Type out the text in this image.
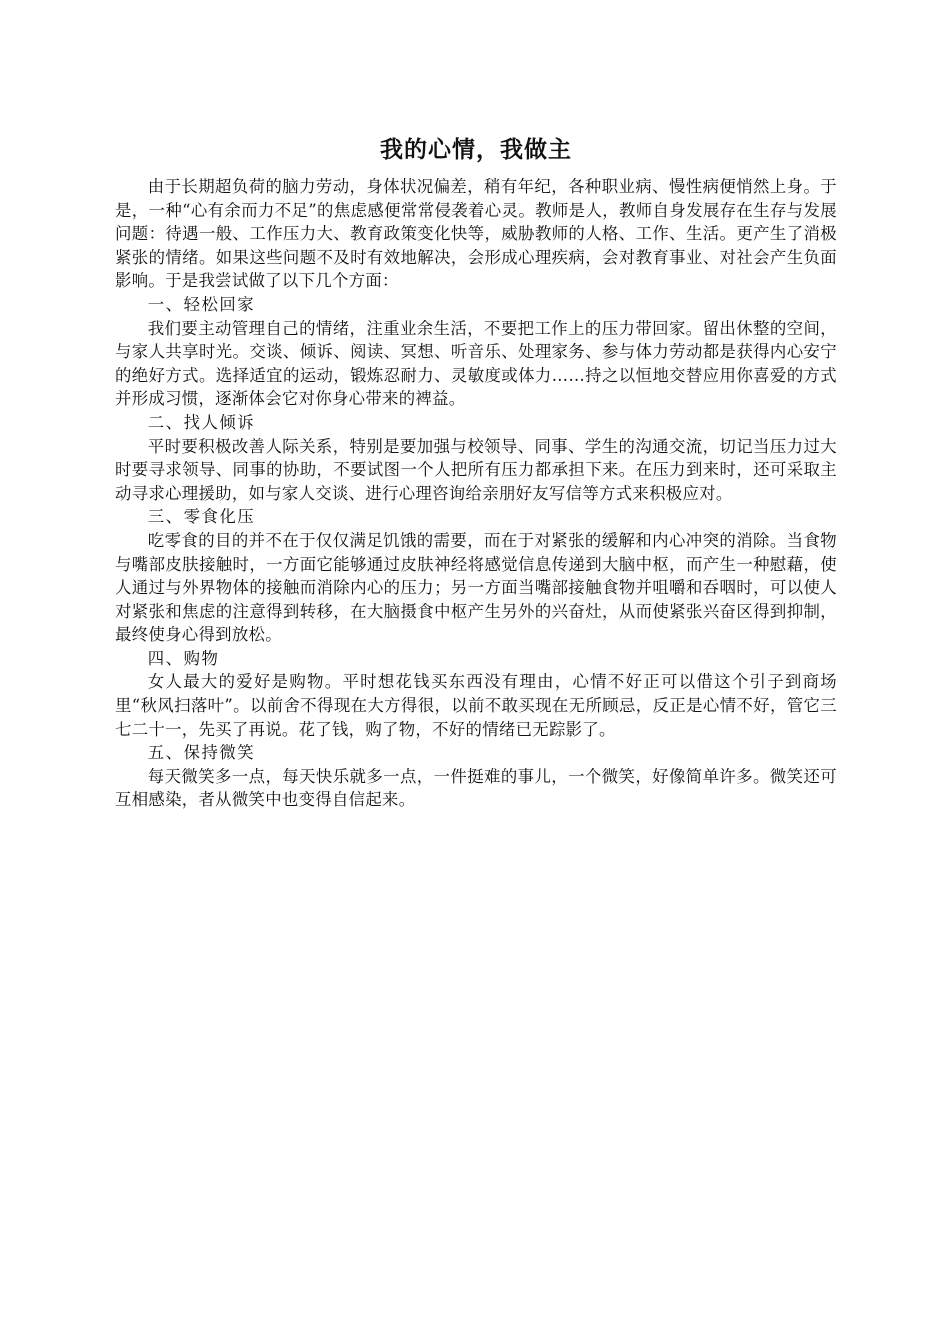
我的心情，我做主

由于长期超负荷的脑力劳动，身体状况偏差，稍有年纪，各种职业病、慢性病便悄然上身。于是，一种“心有余而力不足”的焦虑感便常常侵袭着心灵。教师是人，教师自身发展存在生存与发展问题：待遇一般、工作压力大、教育政策变化快等，威胁教师的人格、工作、生活。更产生了消极紧张的情绪。如果这些问题不及时有效地解决，会形成心理疾病，会对教育事业、对社会产生负面影响。于是我尝试做了以下几个方面：

一、轻松回家

我们要主动管理自己的情绪，注重业余生活，不要把工作上的压力带回家。留出休整的空间，与家人共享时光。交谈、倾诉、阅读、冥想、听音乐、处理家务、参与体力劳动都是获得内心安宁的绝好方式。选择适宜的运动，锻炼忍耐力、灵敏度或体力……持之以恒地交替应用你喜爱的方式并形成习惯，逐渐体会它对你身心带来的裨益。

二、找人倾诉

平时要积极改善人际关系，特别是要加强与校领导、同事、学生的沟通交流，切记当压力过大时要寻求领导、同事的协助，不要试图一个人把所有压力都承担下来。在压力到来时，还可采取主动寻求心理援助，如与家人交谈、进行心理咨询给亲朋好友写信等方式来积极应对。

三、零食化压

吃零食的目的并不在于仅仅满足饥饿的需要，而在于对紧张的缓解和内心冲突的消除。当食物与嘴部皮肤接触时，一方面它能够通过皮肤神经将感觉信息传递到大脑中枢，而产生一种慰藉，使人通过与外界物体的接触而消除内心的压力；另一方面当嘴部接触食物并咀嚼和吞咽时，可以使人对紧张和焦虑的注意得到转移，在大脑摄食中枢产生另外的兴奋灶，从而使紧张兴奋区得到抑制，最终使身心得到放松。

四、购物

女人最大的爱好是购物。平时想花钱买东西没有理由，心情不好正可以借这个引子到商场里“秋风扫落叶”。以前舍不得现在大方得很，以前不敢买现在无所顾忌，反正是心情不好，管它三七二十一，先买了再说。花了钱，购了物，不好的情绪已无踪影了。

五、保持微笑

每天微笑多一点，每天快乐就多一点，一件挺难的事儿，一个微笑，好像简单许多。微笑还可互相感染，者从微笑中也变得自信起来。
